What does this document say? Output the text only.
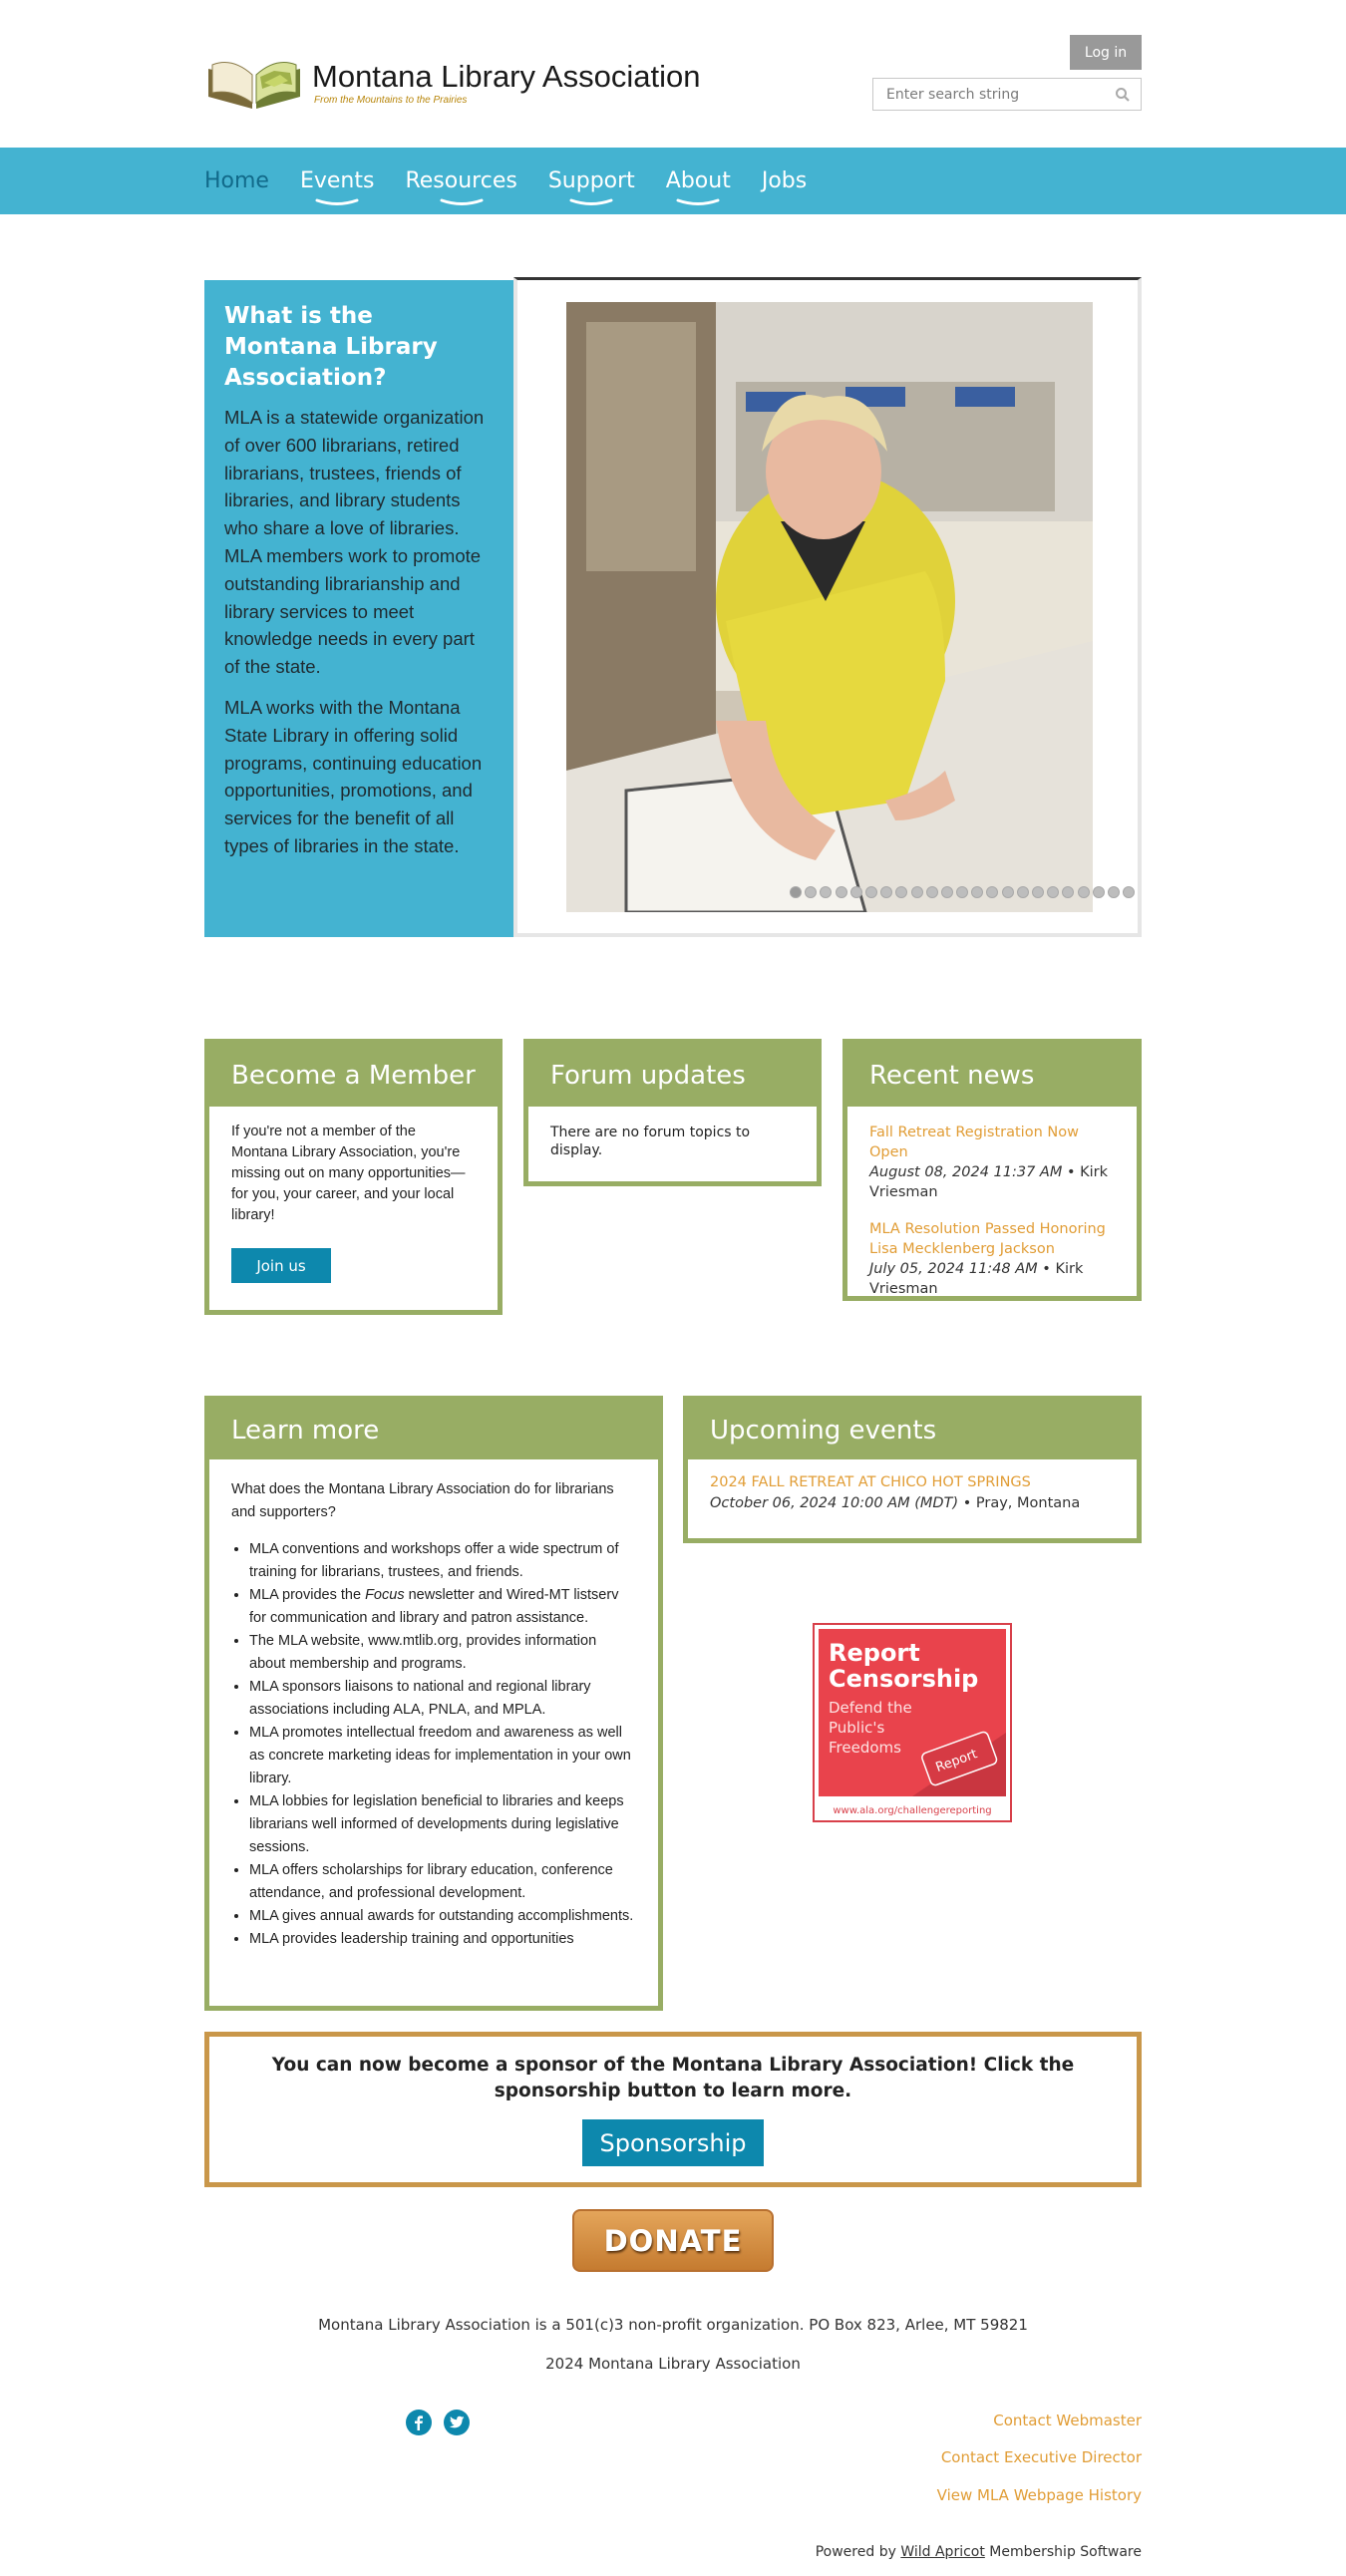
Montana Library Association
From the Mountains to the Prairies
Log in
Enter search string
Home Events Resources Support About Jobs
What is the Montana Library Association?

MLA is a statewide organization of over 600 librarians, retired librarians, trustees, friends of libraries, and library students who share a love of libraries. MLA members work to promote outstanding librarianship and library services to meet knowledge needs in every part of the state.

MLA works with the Montana State Library in offering solid programs, continuing education opportunities, promotions, and services for the benefit of all types of libraries in the state.

Become a Member

If you're not a member of the Montana Library Association, you're missing out on many opportunities—for you, your career, and your local library!

Join us
Forum updates

There are no forum topics to display.

Recent news
Fall Retreat Registration Now Open
August 08, 2024 11:37 AM • Kirk Vriesman
MLA Resolution Passed Honoring Lisa Mecklenberg Jackson
July 05, 2024 11:48 AM • Kirk Vriesman
Learn more

What does the Montana Library Association do for librarians and supporters?

• MLA conventions and workshops offer a wide spectrum of training for librarians, trustees, and friends.
• MLA provides the Focus newsletter and Wired-MT listserv for communication and library and patron assistance.
• The MLA website, www.mtlib.org, provides information about membership and programs.
• MLA sponsors liaisons to national and regional library associations including ALA, PNLA, and MPLA.
• MLA promotes intellectual freedom and awareness as well as concrete marketing ideas for implementation in your own library.
• MLA lobbies for legislation beneficial to libraries and keeps librarians well informed of developments during legislative sessions.
• MLA offers scholarships for library education, conference attendance, and professional development.
• MLA gives annual awards for outstanding accomplishments.
• MLA provides leadership training and opportunities
Upcoming events
2024 FALL RETREAT AT CHICO HOT SPRINGS
October 06, 2024 10:00 AM (MDT) • Pray, Montana
Report
Report
Censorship
Defend the
Public's
Freedoms
www.ala.org/challengereporting

You can now become a sponsor of the Montana Library Association! Click the sponsorship button to learn more.

Sponsorship
DONATE
Montana Library Association is a 501(c)3 non-profit organization. PO Box 823, Arlee, MT 59821
2024 Montana Library Association
Contact Webmaster
Contact Executive Director
View MLA Webpage History
Powered by Wild Apricot Membership Software
